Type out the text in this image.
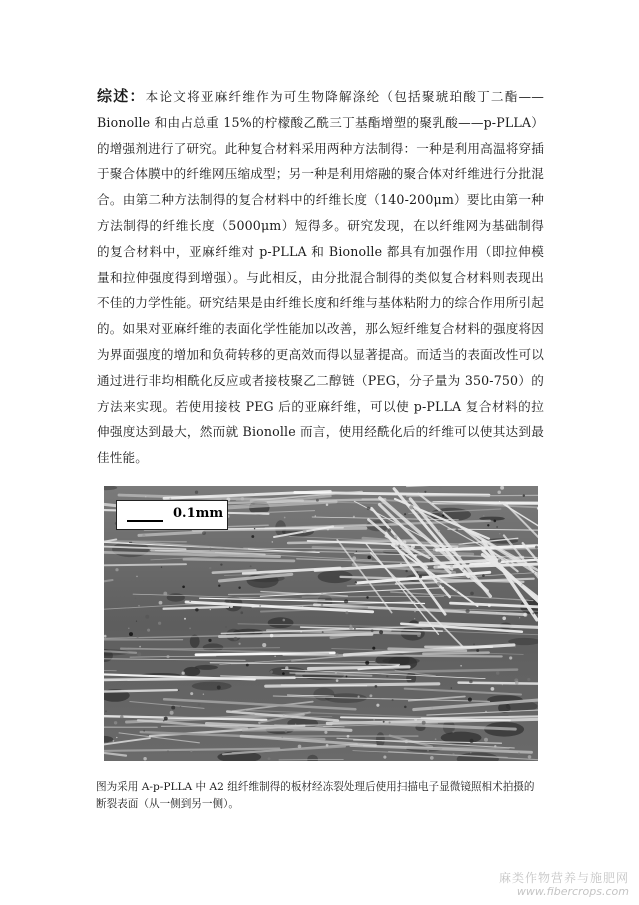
综述：本论文将亚麻纤维作为可生物降解涤纶（包括聚琥珀酸丁二酯——Bionolle 和由占总重 15%的柠檬酸乙酰三丁基酯增塑的聚乳酸——p-PLLA）的增强剂进行了研究。此种复合材料采用两种方法制得：一种是利用高温将穿插于聚合体膜中的纤维网压缩成型；另一种是利用熔融的聚合体对纤维进行分批混合。由第二种方法制得的复合材料中的纤维长度（140-200μm）要比由第一种方法制得的纤维长度（5000μm）短得多。研究发现，在以纤维网为基础制得的复合材料中，亚麻纤维对 p-PLLA 和 Bionolle 都具有加强作用（即拉伸模量和拉伸强度得到增强）。与此相反，由分批混合制得的类似复合材料则表现出不佳的力学性能。研究结果是由纤维长度和纤维与基体粘附力的综合作用所引起的。如果对亚麻纤维的表面化学性能加以改善，那么短纤维复合材料的强度将因为界面强度的增加和负荷转移的更高效而得以显著提高。而适当的表面改性可以通过进行非均相酰化反应或者接枝聚乙二醇链（PEG，分子量为 350-750）的方法来实现。若使用接枝 PEG 后的亚麻纤维，可以使 p-PLLA 复合材料的拉伸强度达到最大，然而就 Bionolle 而言，使用经酰化后的纤维可以使其达到最佳性能。

0.1mm

图为采用 A-p-PLLA 中 A2 组纤维制得的板材经冻裂处理后使用扫描电子显微镜照相术拍摄的断裂表面（从一侧到另一侧）。

麻类作物营养与施肥网
www.fibercrops.com
